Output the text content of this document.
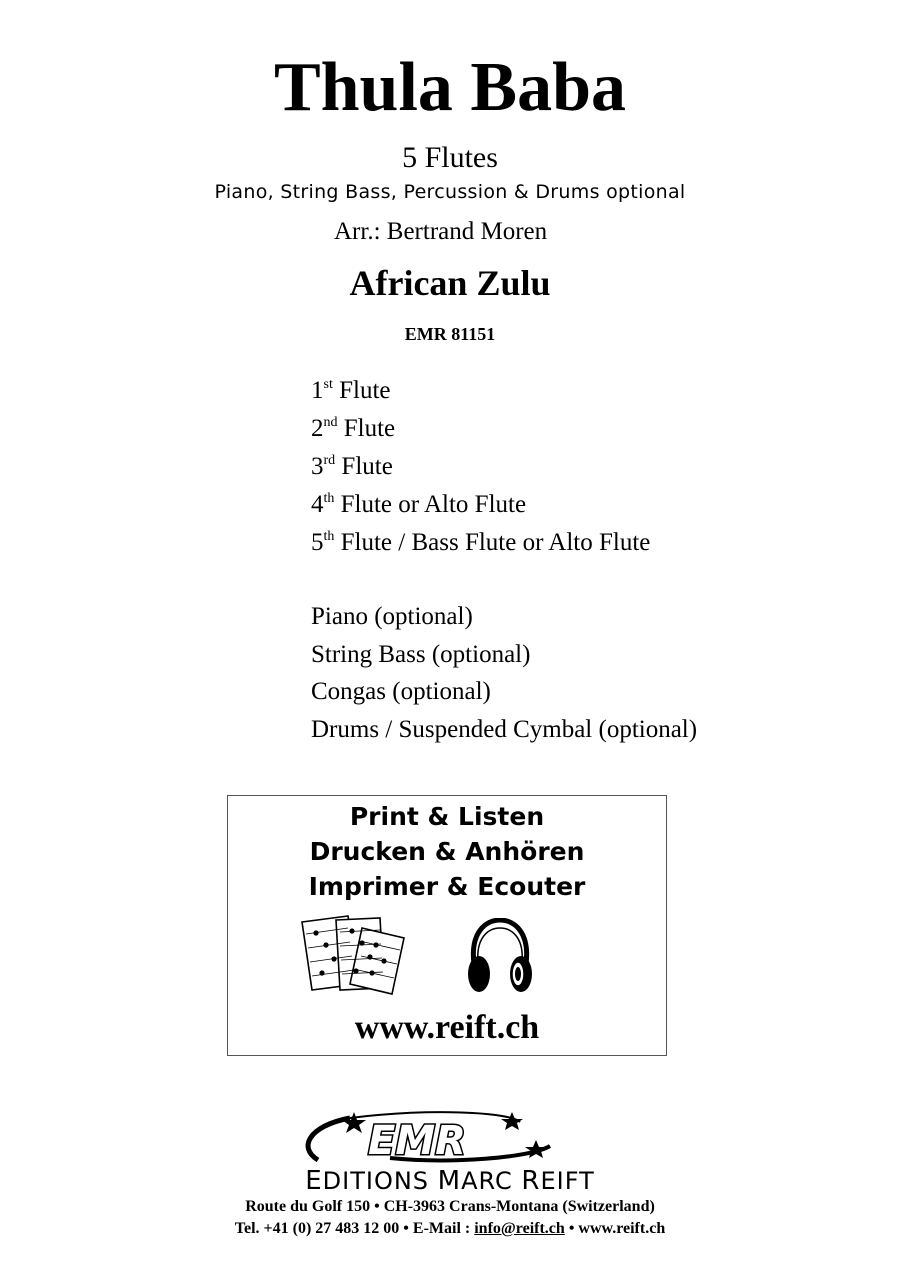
Thula Baba
5 Flutes
Piano, String Bass, Percussion & Drums optional
Arr.: Bertrand Moren
African Zulu
EMR 81151
1st Flute
2nd Flute
3rd Flute
4th Flute or Alto Flute
5th Flute / Bass Flute or Alto Flute
Piano (optional)
String Bass (optional)
Congas (optional)
Drums / Suspended Cymbal (optional)
Print & Listen
Drucken & Anhören
Imprimer & Ecouter
www.reift.ch
EMR
EDITIONS MARC REIFT
Route du Golf 150 • CH-3963 Crans-Montana (Switzerland)
Tel. +41 (0) 27 483 12 00 • E-Mail : info@reift.ch • www.reift.ch
